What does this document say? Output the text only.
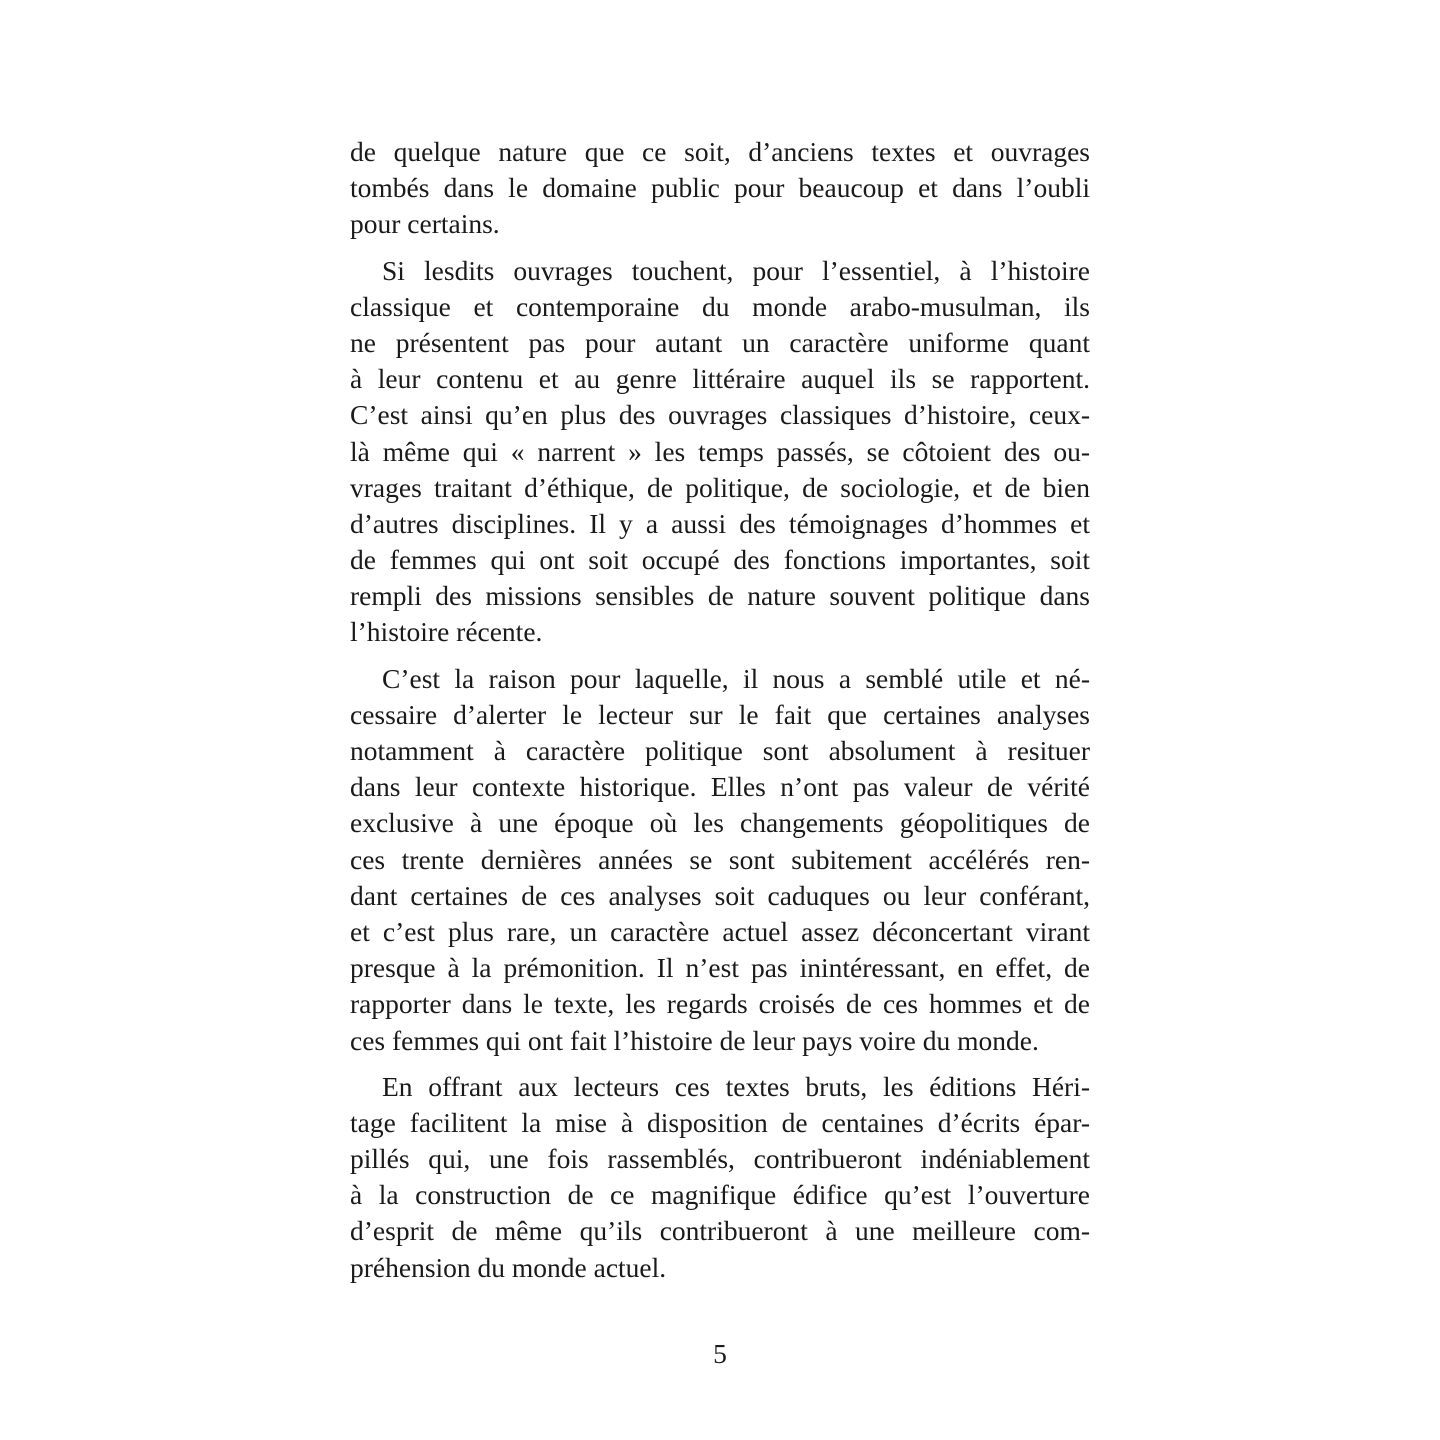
de quelque nature que ce soit, d’anciens textes et ouvrages
tombés dans le domaine public pour beaucoup et dans l’oubli
pour certains.
Si lesdits ouvrages touchent, pour l’essentiel, à l’histoire
classique et contemporaine du monde arabo-musulman, ils
ne présentent pas pour autant un caractère uniforme quant
à leur contenu et au genre littéraire auquel ils se rapportent.
C’est ainsi qu’en plus des ouvrages classiques d’histoire, ceux-
là même qui « narrent » les temps passés, se côtoient des ou-
vrages traitant d’éthique, de politique, de sociologie, et de bien
d’autres disciplines. Il y a aussi des témoignages d’hommes et
de femmes qui ont soit occupé des fonctions importantes, soit
rempli des missions sensibles de nature souvent politique dans
l’histoire récente.
C’est la raison pour laquelle, il nous a semblé utile et né-
cessaire d’alerter le lecteur sur le fait que certaines analyses
notamment à caractère politique sont absolument à resituer
dans leur contexte historique. Elles n’ont pas valeur de vérité
exclusive à une époque où les changements géopolitiques de
ces trente dernières années se sont subitement accélérés ren-
dant certaines de ces analyses soit caduques ou leur conférant,
et c’est plus rare, un caractère actuel assez déconcertant virant
presque à la prémonition. Il n’est pas inintéressant, en effet, de
rapporter dans le texte, les regards croisés de ces hommes et de
ces femmes qui ont fait l’histoire de leur pays voire du monde.
En offrant aux lecteurs ces textes bruts, les éditions Héri-
tage facilitent la mise à disposition de centaines d’écrits épar-
pillés qui, une fois rassemblés, contribueront indéniablement
à la construction de ce magnifique édifice qu’est l’ouverture
d’esprit de même qu’ils contribueront à une meilleure com-
préhension du monde actuel.
5
